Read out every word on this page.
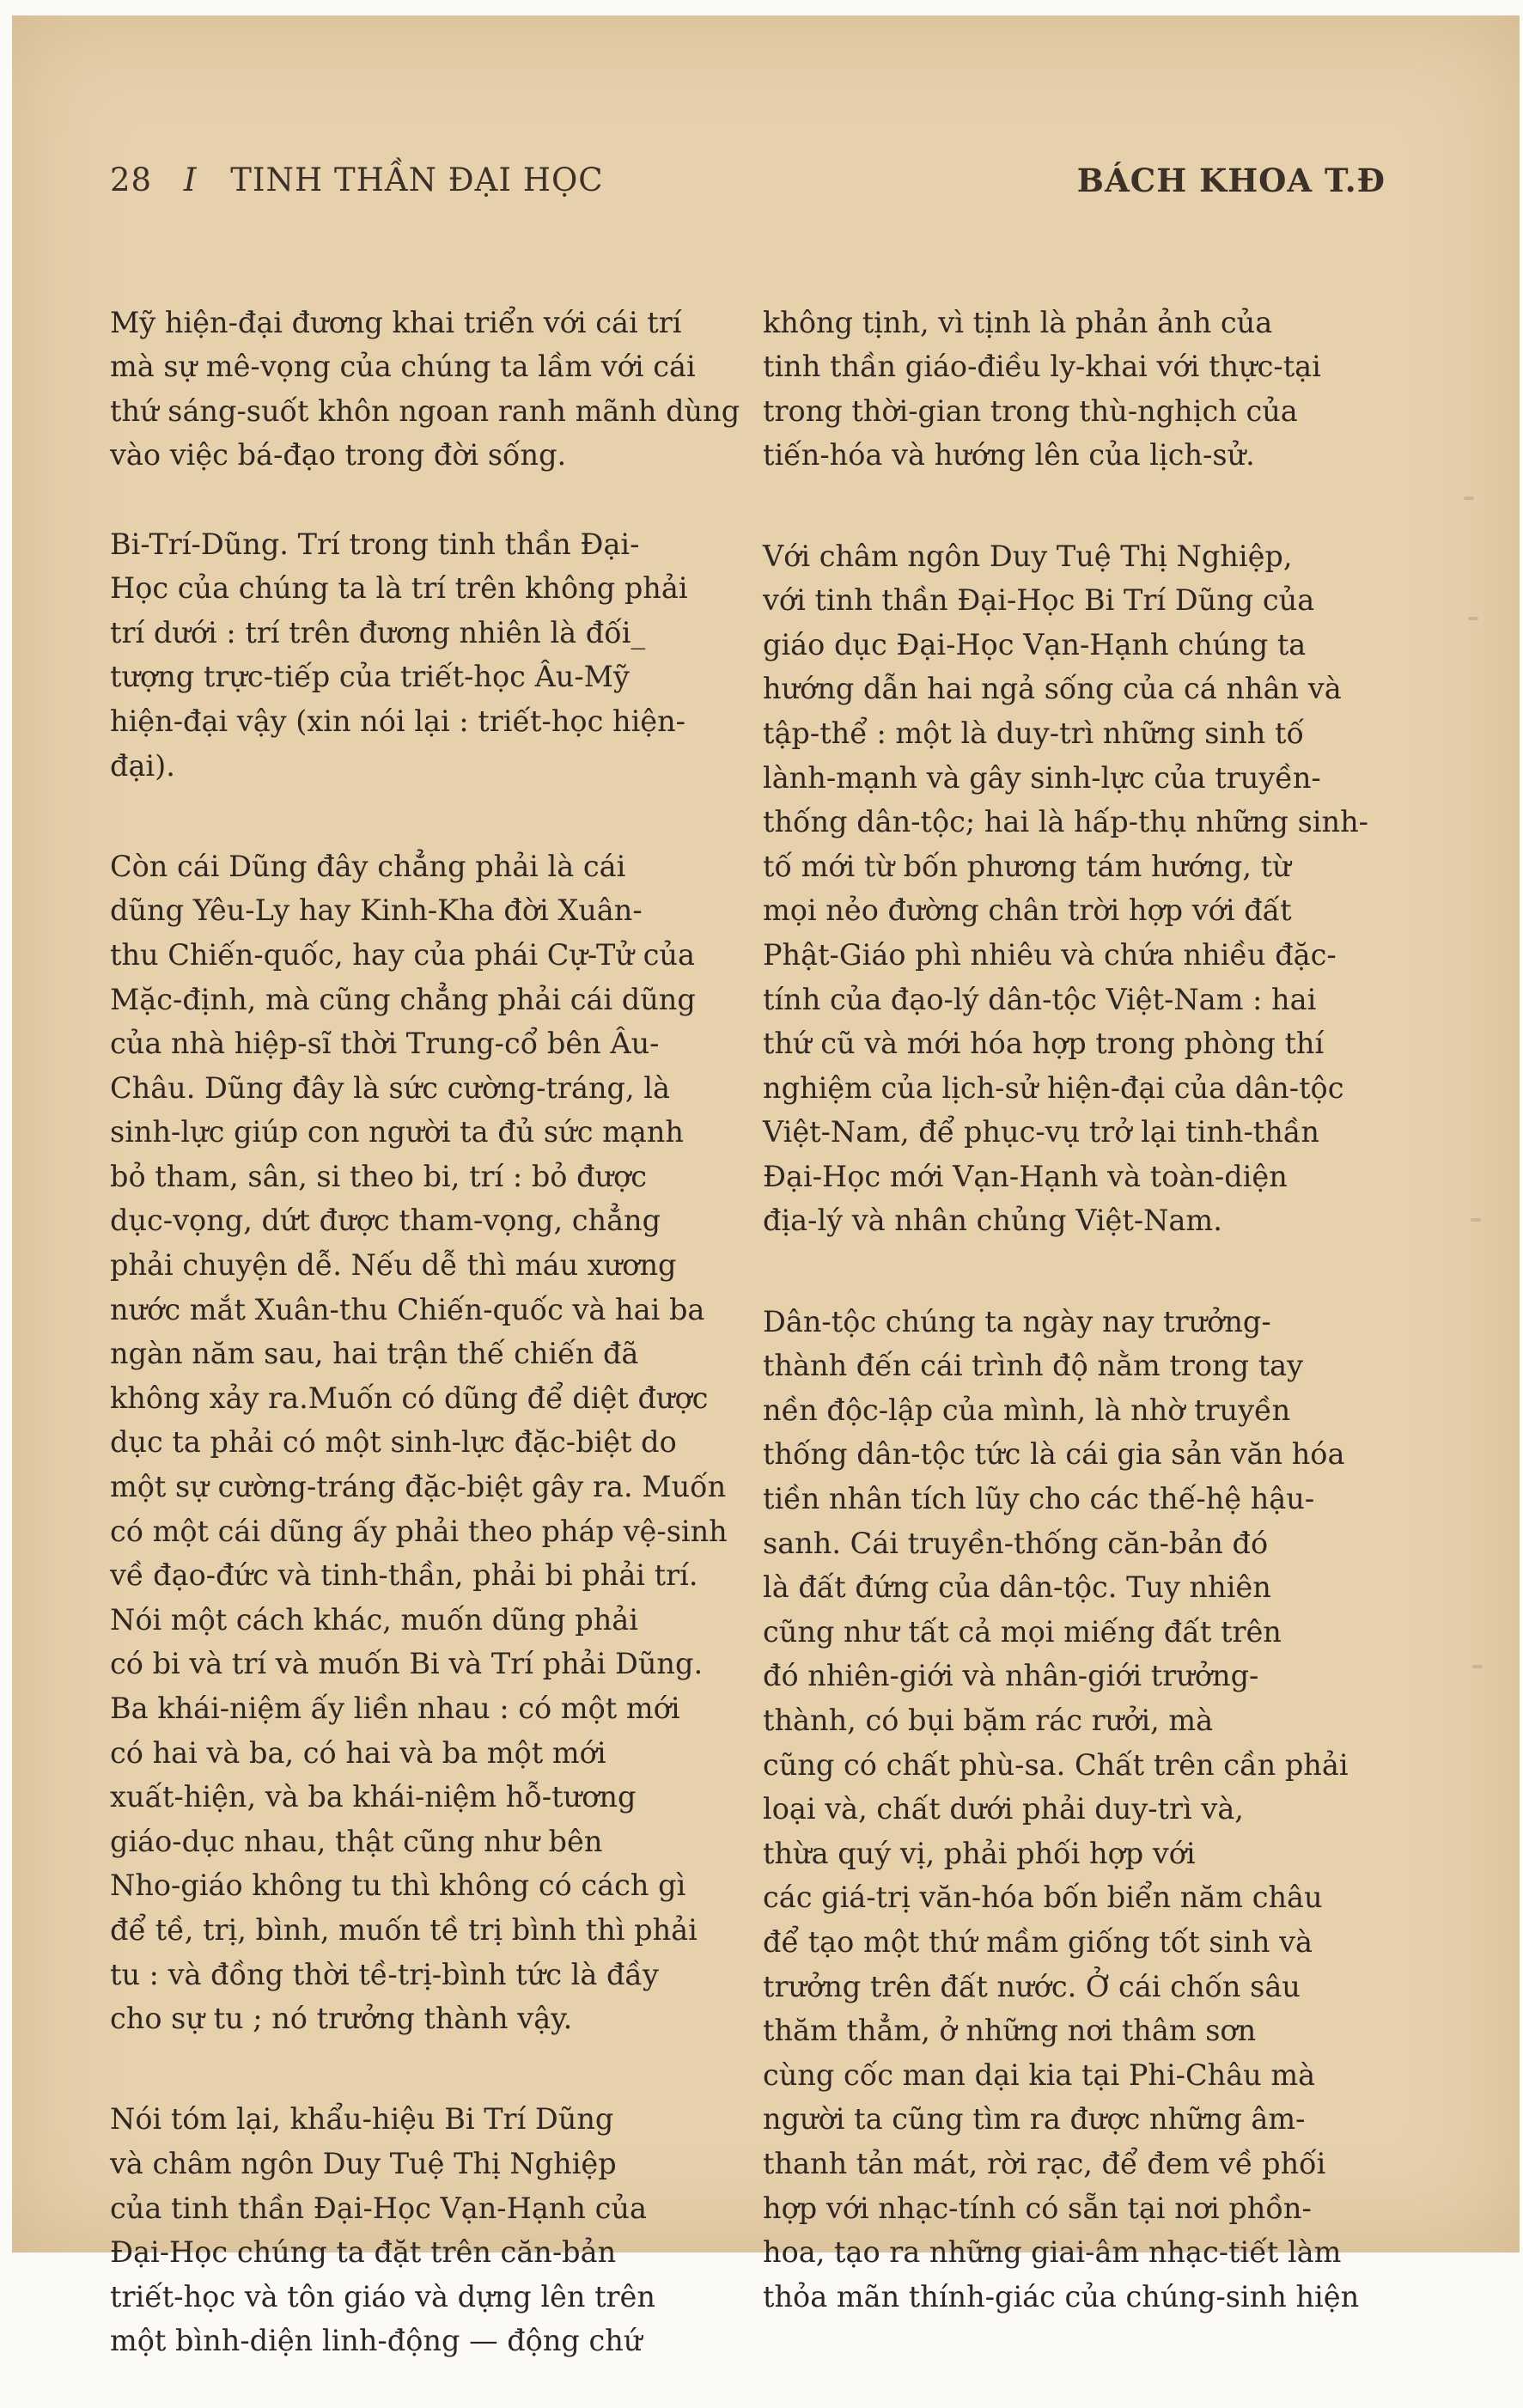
28 I TINH THẦN ĐẠI HỌC	BÁCH KHOA T.Đ

Mỹ hiện-đại đương khai triển với cái trí
mà sự mê-vọng của chúng ta lầm với cái
thứ sáng-suốt khôn ngoan ranh mãnh dùng
vào việc bá-đạo trong đời sống.

Bi-Trí-Dũng. Trí trong tinh thần Đại-
Học của chúng ta là trí trên không phải
trí dưới : trí trên đương nhiên là đối_
tượng trực-tiếp của triết-học Âu-Mỹ
hiện-đại vậy (xin nói lại : triết-học hiện-
đại).

Còn cái Dũng đây chẳng phải là cái
dũng Yêu-Ly hay Kinh-Kha đời Xuân-
thu Chiến-quốc, hay của phái Cự-Tử của
Mặc-định, mà cũng chẳng phải cái dũng
của nhà hiệp-sĩ thời Trung-cổ bên Âu-
Châu. Dũng đây là sức cường-tráng, là
sinh-lực giúp con người ta đủ sức mạnh
bỏ tham, sân, si theo bi, trí : bỏ được
dục-vọng, dứt được tham-vọng, chẳng
phải chuyện dễ. Nếu dễ thì máu xương
nước mắt Xuân-thu Chiến-quốc và hai ba
ngàn năm sau, hai trận thế chiến đã
không xảy ra.Muốn có dũng để diệt được
dục ta phải có một sinh-lực đặc-biệt do
một sự cường-tráng đặc-biệt gây ra. Muốn
có một cái dũng ấy phải theo pháp vệ-sinh
về đạo-đức và tinh-thần, phải bi phải trí.
Nói một cách khác, muốn dũng phải
có bi và trí và muốn Bi và Trí phải Dũng.
Ba khái-niệm ấy liền nhau : có một mới
có hai và ba, có hai và ba một mới
xuất-hiện, và ba khái-niệm hỗ-tương
giáo-dục nhau, thật cũng như bên
Nho-giáo không tu thì không có cách gì
để tề, trị, bình, muốn tề trị bình thì phải
tu : và đồng thời tề-trị-bình tức là đầy
cho sự tu ; nó trưởng thành vậy.

Nói tóm lại, khẩu-hiệu Bi Trí Dũng
và châm ngôn Duy Tuệ Thị Nghiệp
của tinh thần Đại-Học Vạn-Hạnh của
Đại-Học chúng ta đặt trên căn-bản
triết-học và tôn giáo và dựng lên trên
một bình-diện linh-động — động chứ

không tịnh, vì tịnh là phản ảnh của
tinh thần giáo-điều ly-khai với thực-tại
trong thời-gian trong thù-nghịch của
tiến-hóa và hướng lên của lịch-sử.

Với châm ngôn Duy Tuệ Thị Nghiệp,
với tinh thần Đại-Học Bi Trí Dũng của
giáo dục Đại-Học Vạn-Hạnh chúng ta
hướng dẫn hai ngả sống của cá nhân và
tập-thể : một là duy-trì những sinh tố
lành-mạnh và gây sinh-lực của truyền-
thống dân-tộc; hai là hấp-thụ những sinh-
tố mới từ bốn phương tám hướng, từ
mọi nẻo đường chân trời hợp với đất
Phật-Giáo phì nhiêu và chứa nhiều đặc-
tính của đạo-lý dân-tộc Việt-Nam : hai
thứ cũ và mới hóa hợp trong phòng thí
nghiệm của lịch-sử hiện-đại của dân-tộc
Việt-Nam, để phục-vụ trở lại tinh-thần
Đại-Học mới Vạn-Hạnh và toàn-diện
địa-lý và nhân chủng Việt-Nam.

Dân-tộc chúng ta ngày nay trưởng-
thành đến cái trình độ nằm trong tay
nền độc-lập của mình, là nhờ truyền
thống dân-tộc tức là cái gia sản văn hóa
tiền nhân tích lũy cho các thế-hệ hậu-
sanh. Cái truyền-thống căn-bản đó
là đất đứng của dân-tộc. Tuy nhiên
cũng như tất cả mọi miếng đất trên
đó nhiên-giới và nhân-giới trưởng-
thành, có bụi bặm rác rưởi, mà
cũng có chất phù-sa. Chất trên cần phải
loại và, chất dưới phải duy-trì và,
thừa quý vị, phải phối hợp với
các giá-trị văn-hóa bốn biển năm châu
để tạo một thứ mầm giống tốt sinh và
trưởng trên đất nước. Ở cái chốn sâu
thăm thẳm, ở những nơi thâm sơn
cùng cốc man dại kia tại Phi-Châu mà
người ta cũng tìm ra được những âm-
thanh tản mát, rời rạc, để đem về phối
hợp với nhạc-tính có sẵn tại nơi phồn-
hoa, tạo ra những giai-âm nhạc-tiết làm
thỏa mãn thính-giác của chúng-sinh hiện
